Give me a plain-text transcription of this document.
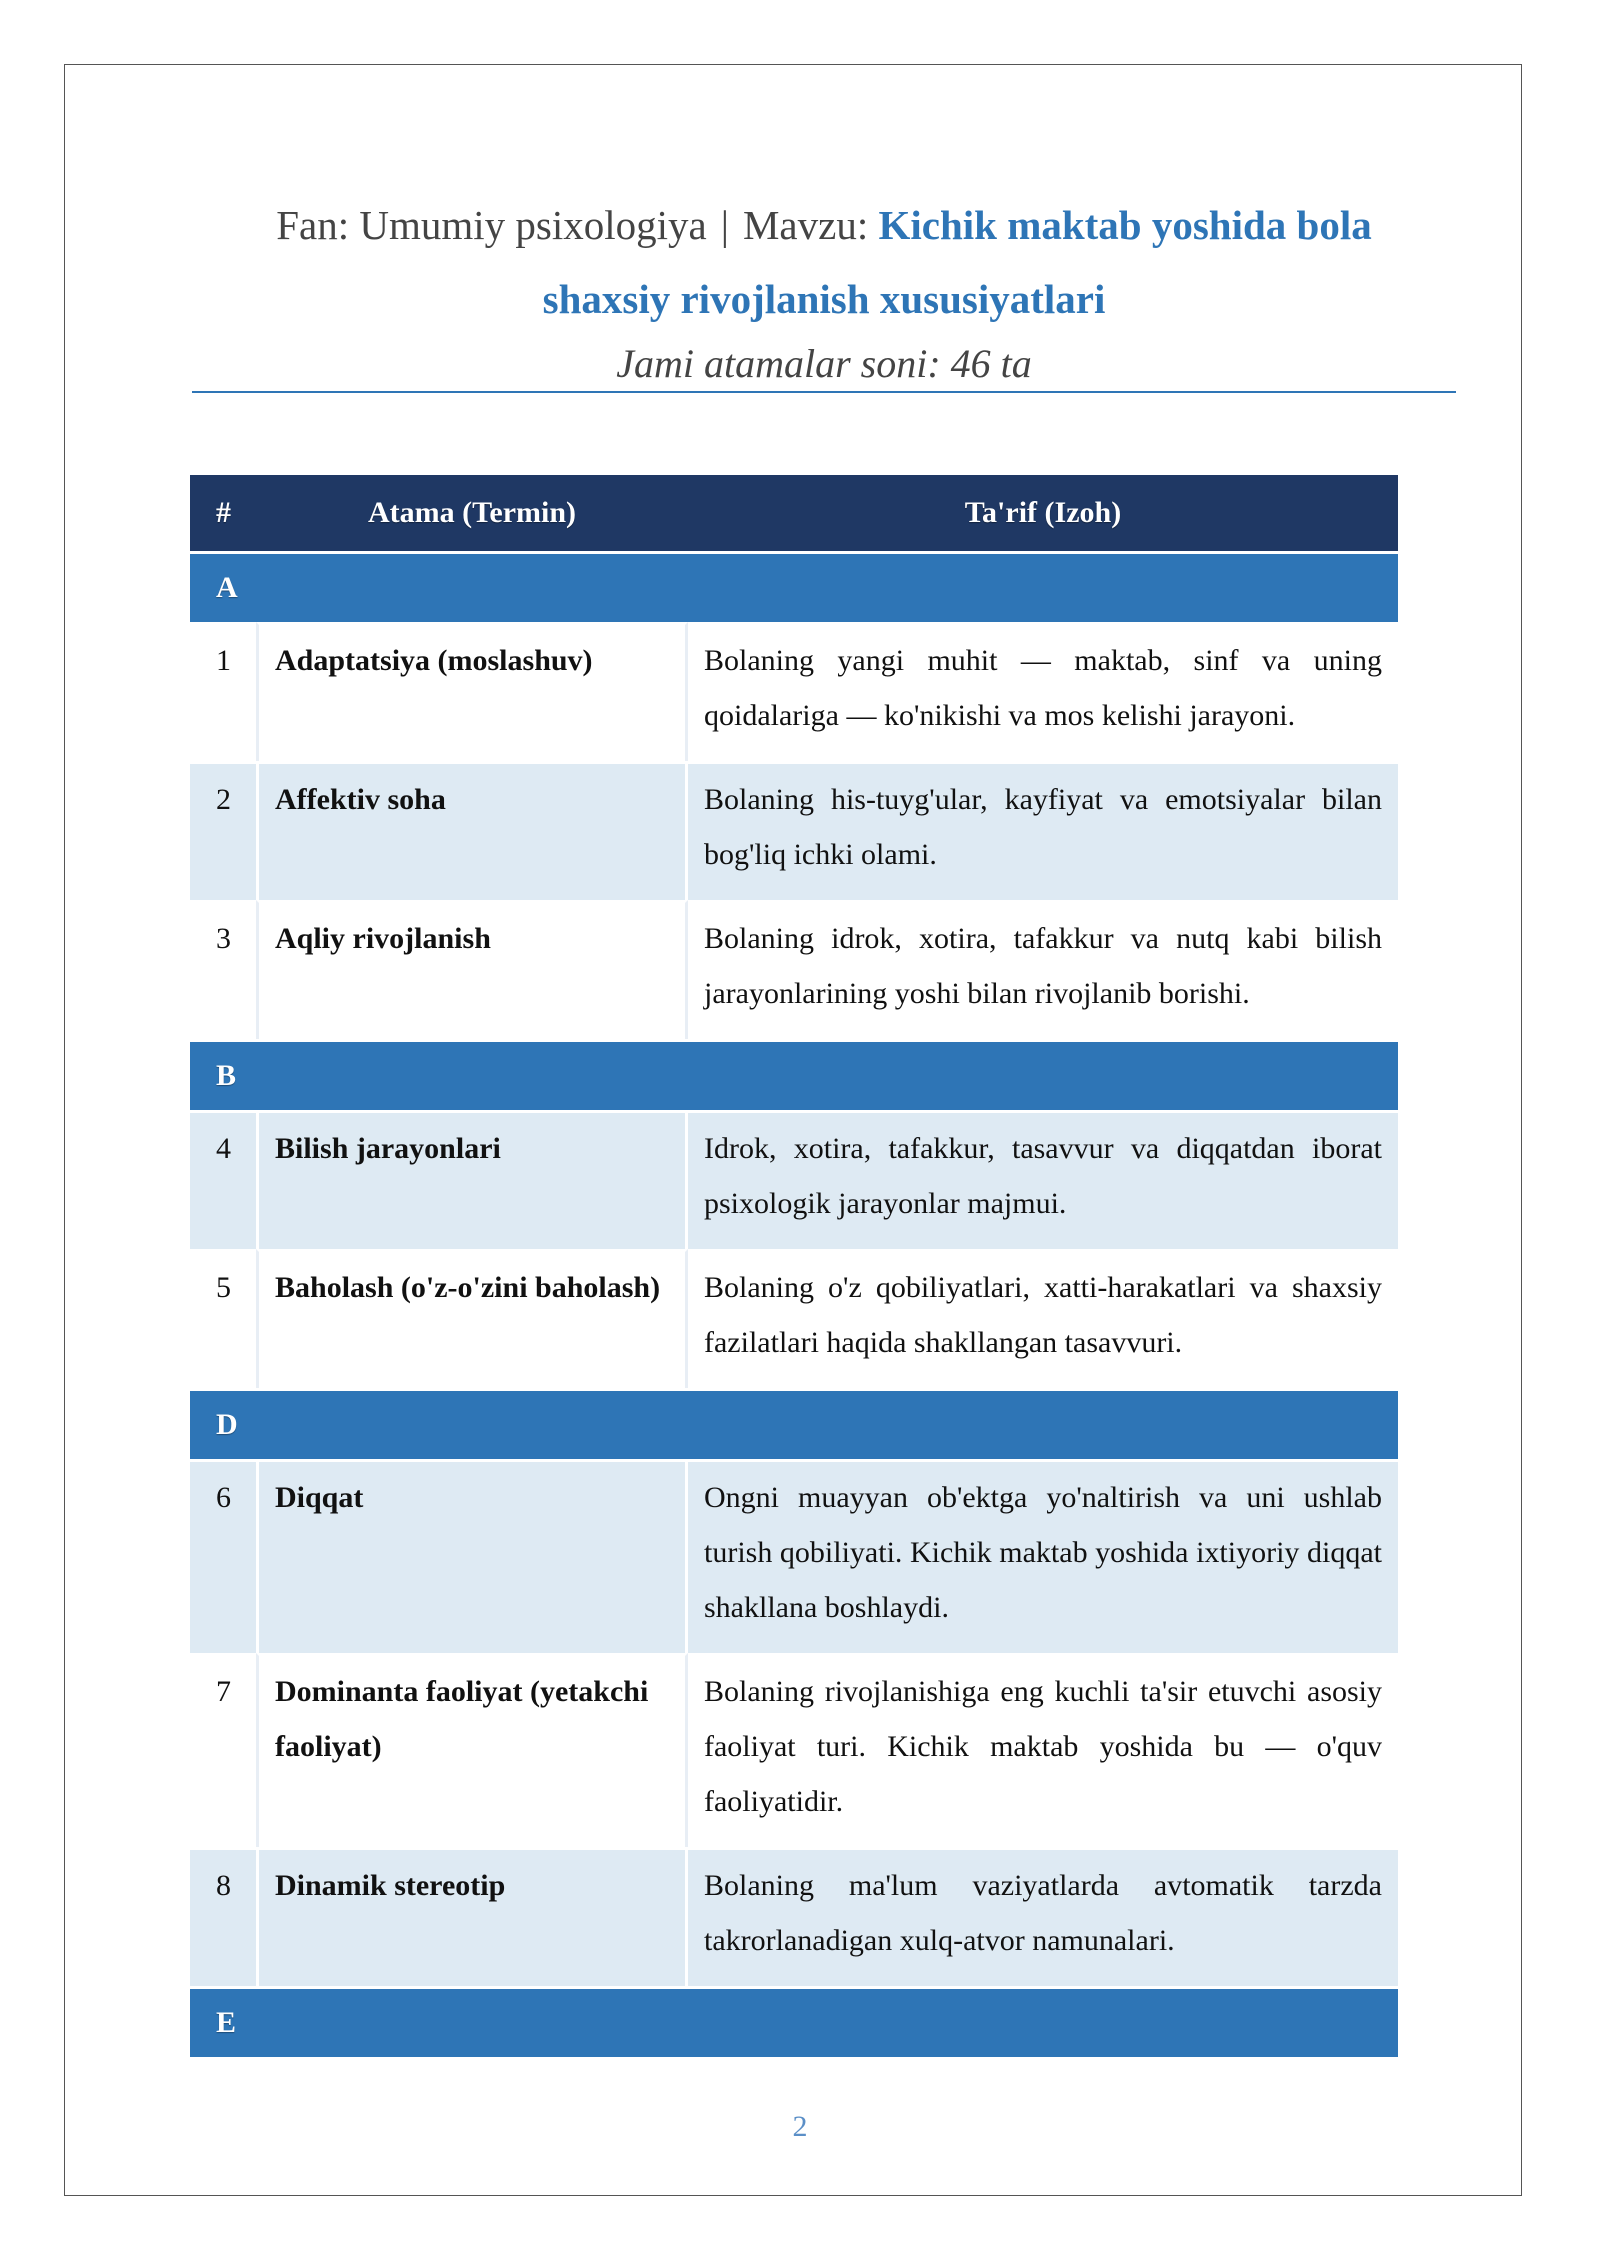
Fan: Umumiy psixologiya | Mavzu: Kichik maktab yoshida bola
shaxsiy rivojlanish xususiyatlari
Jami atamalar soni: 46 ta
#	Atama (Termin)	Ta'rif (Izoh)
A		
1	Adaptatsiya (moslashuv)	Bolaning yangi muhit — maktab, sinf va uning qoidalariga — ko'nikishi va mos kelishi jarayoni.
2	Affektiv soha	Bolaning his-tuyg'ular, kayfiyat va emotsiyalar bilan bog'liq ichki olami.
3	Aqliy rivojlanish	Bolaning idrok, xotira, tafakkur va nutq kabi bilish jarayonlarining yoshi bilan rivojlanib borishi.
B		
4	Bilish jarayonlari	Idrok, xotira, tafakkur, tasavvur va diqqatdan iborat psixologik jarayonlar majmui.
5	Baholash (o'z-o'zini baholash)	Bolaning o'z qobiliyatlari, xatti-harakatlari va shaxsiy fazilatlari haqida shakllangan tasavvuri.
D		
6	Diqqat	Ongni muayyan ob'ektga yo'naltirish va uni ushlab turish qobiliyati. Kichik maktab yoshida ixtiyoriy diqqat shakllana boshlaydi.
7	Dominanta faoliyat (yetakchi faoliyat)	Bolaning rivojlanishiga eng kuchli ta'sir etuvchi asosiy faoliyat turi. Kichik maktab yoshida bu — o'quv faoliyatidir.
8	Dinamik stereotip	Bolaning ma'lum vaziyatlarda avtomatik tarzda takrorlanadigan xulq-atvor namunalari.
E		
2
